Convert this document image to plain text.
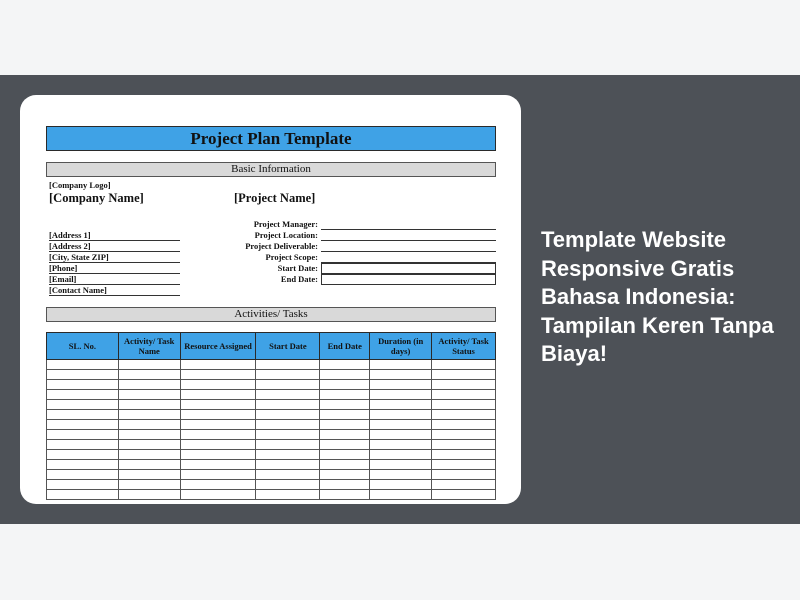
Project Plan Template
Basic Information
[Company Logo]
[Company Name]	[Project Name]
[Address 1]
[Address 2]
[City, State ZIP]
[Phone]
[Email]
[Contact Name]
Project Manager:
Project Location:
Project Deliverable:
Project Scope:
Start Date:
End Date:
Activities/ Tasks
SL. No.	Activity/ Task Name	Resource Assigned	Start Date	End Date	Duration (in days)	Activity/ Task Status

Template Website Responsive Gratis Bahasa Indonesia: Tampilan Keren Tanpa Biaya!
